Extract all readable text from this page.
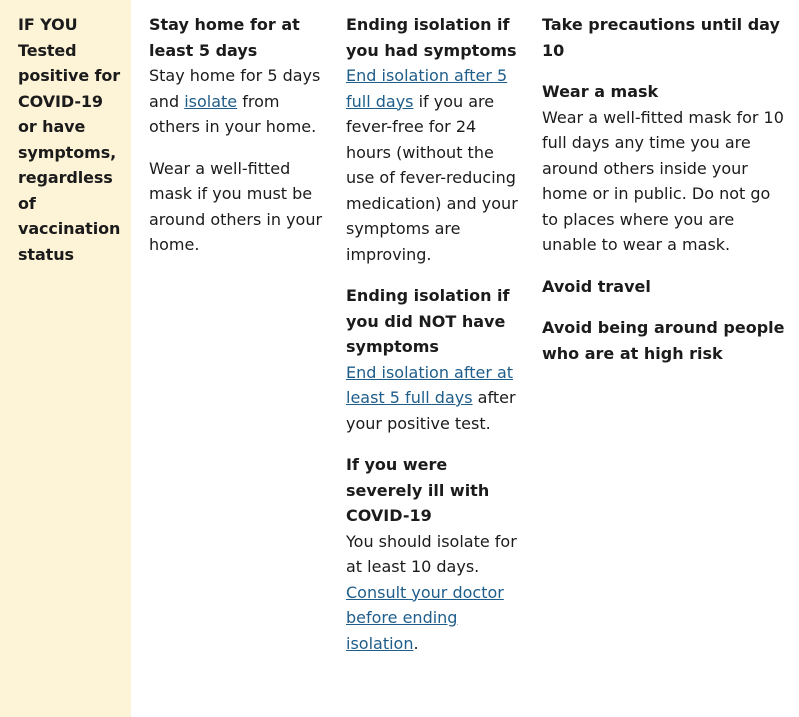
IF YOU Tested positive for COVID-19 or have symptoms, regardless of vaccination status
Stay home for at least 5 days
Stay home for 5 days and isolate from others in your home.
Wear a well-fitted mask if you must be around others in your home.
Ending isolation if you had symptoms
End isolation after 5 full days if you are fever-free for 24 hours (without the use of fever-reducing medication) and your symptoms are improving.
Ending isolation if you did NOT have symptoms
End isolation after at least 5 full days after your positive test.
If you were severely ill with COVID-19
You should isolate for at least 10 days. Consult your doctor before ending isolation.
Take precautions until day 10
Wear a mask
Wear a well-fitted mask for 10 full days any time you are around others inside your home or in public. Do not go to places where you are unable to wear a mask.
Avoid travel
Avoid being around people who are at high risk
